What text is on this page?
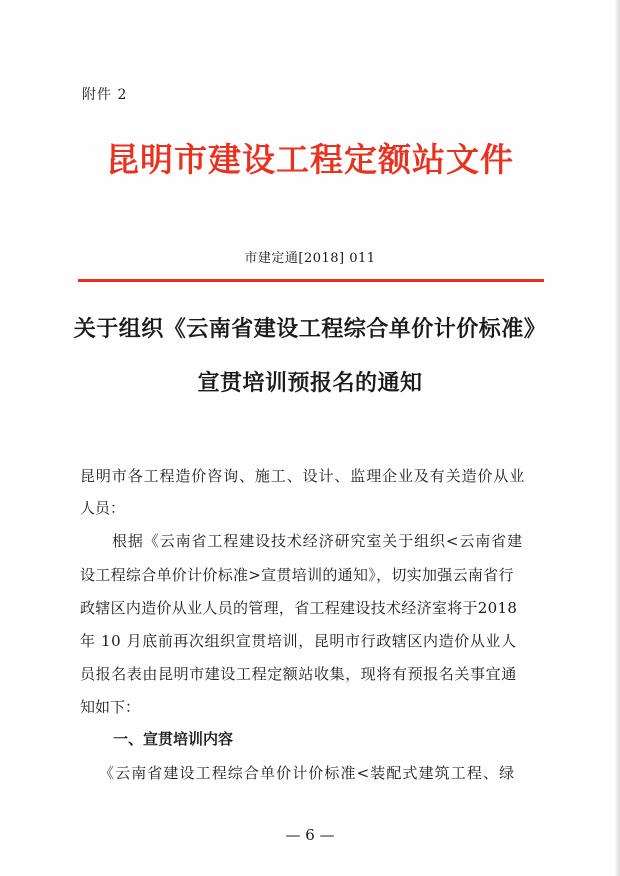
附件 2
昆明市建设工程定额站文件
市建定通[2018] 011
关于组织《云南省建设工程综合单价计价标准》
宣贯培训预报名的通知
昆明市各工程造价咨询、施工、设计、监理企业及有关造价从业
人员：
根据《云南省工程建设技术经济研究室关于组织<云南省建
设工程综合单价计价标准>宣贯培训的通知》，切实加强云南省行
政辖区内造价从业人员的管理，省工程建设技术经济室将于2018
年 10 月底前再次组织宣贯培训，昆明市行政辖区内造价从业人
员报名表由昆明市建设工程定额站收集，现将有预报名关事宜通
知如下：
一、宣贯培训内容
《云南省建设工程综合单价计价标准<装配式建筑工程、绿
— 6 —
